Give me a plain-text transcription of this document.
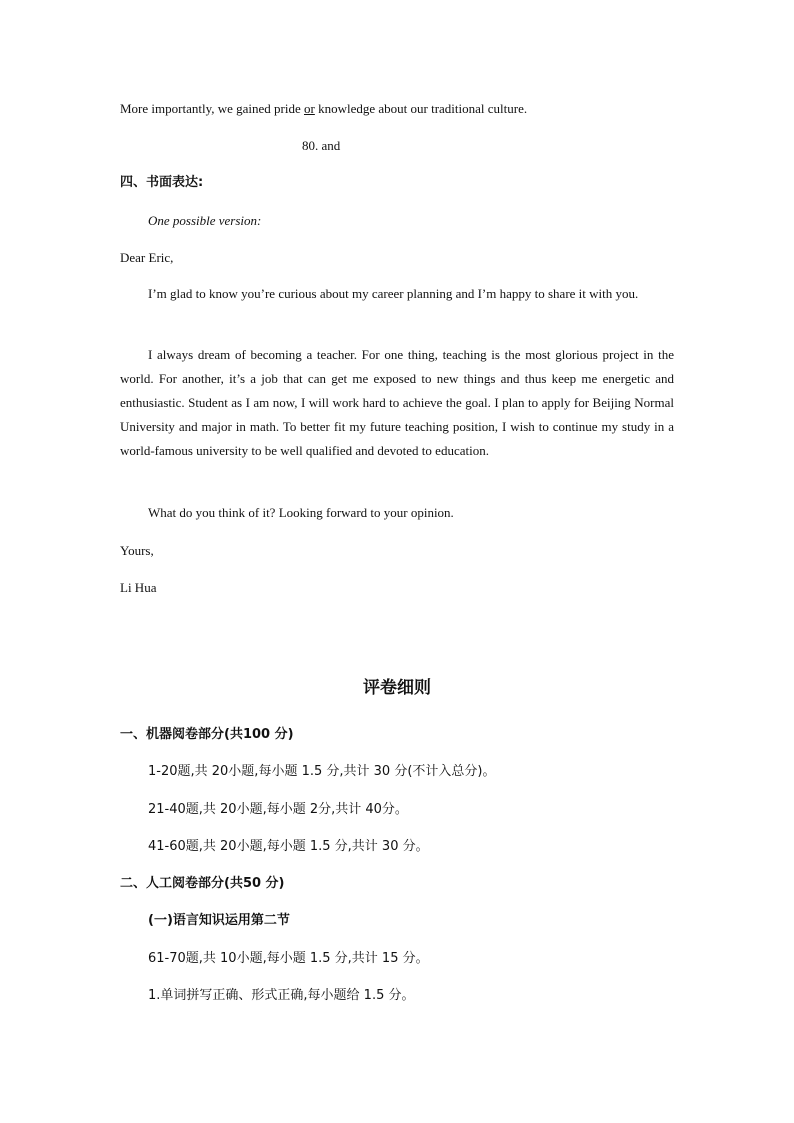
More importantly, we gained pride or knowledge about our traditional culture.

80. and

四、书面表达:

One possible version:

Dear Eric,

I’m glad to know you’re curious about my career planning and I’m happy to share it with you.

I always dream of becoming a teacher. For one thing, teaching is the most glorious project in the world. For another, it’s a job that can get me exposed to new things and thus keep me energetic and enthusiastic. Student as I am now, I will work hard to achieve the goal. I plan to apply for Beijing Normal University and major in math. To better fit my future teaching position, I wish to continue my study in a world-famous university to be well qualified and devoted to education.

What do you think of it? Looking forward to your opinion.

Yours,

Li Hua

评卷细则

一、机器阅卷部分(共100 分)

1-20题,共 20小题,每小题 1.5 分,共计 30 分(不计入总分)。

21-40题,共 20小题,每小题 2分,共计 40分。

41-60题,共 20小题,每小题 1.5 分,共计 30 分。

二、人工阅卷部分(共50 分)

(一)语言知识运用第二节

61-70题,共 10小题,每小题 1.5 分,共计 15 分。

1.单词拼写正确、形式正确,每小题给 1.5 分。
